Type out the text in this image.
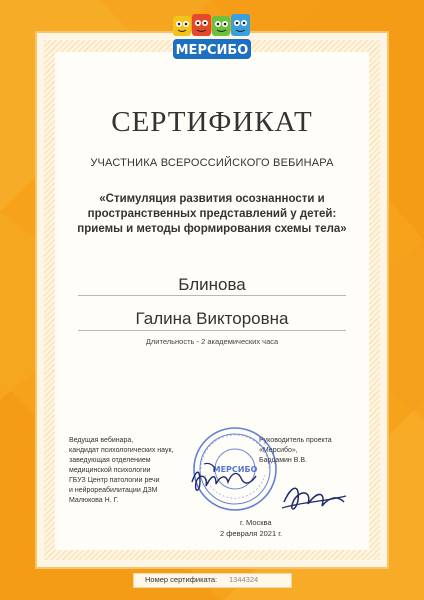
МЕРСИБО
СЕРТИФИКАТ
УЧАСТНИКА ВСЕРОССИЙСКОГО ВЕБИНАРА
«Стимуляция развития осознанности и
пространственных представлений у детей:
приемы и методы формирования схемы тела»
Блинова
Галина Викторовна
Длительность - 2 академических часа
Ведущая вебинара,
кандидат психологических наук,
заведующая отделением
медицинской психологии
ГБУЗ Центр патологии речи
и нейрореабилитации ДЗМ
Малюкова Н. Г.
Руководитель проекта
«Мерсибо»,
Бардамин В.В.
МЕРСИБО
г. Москва
2 февраля 2021 г.
Номер сертификата: 1344324
